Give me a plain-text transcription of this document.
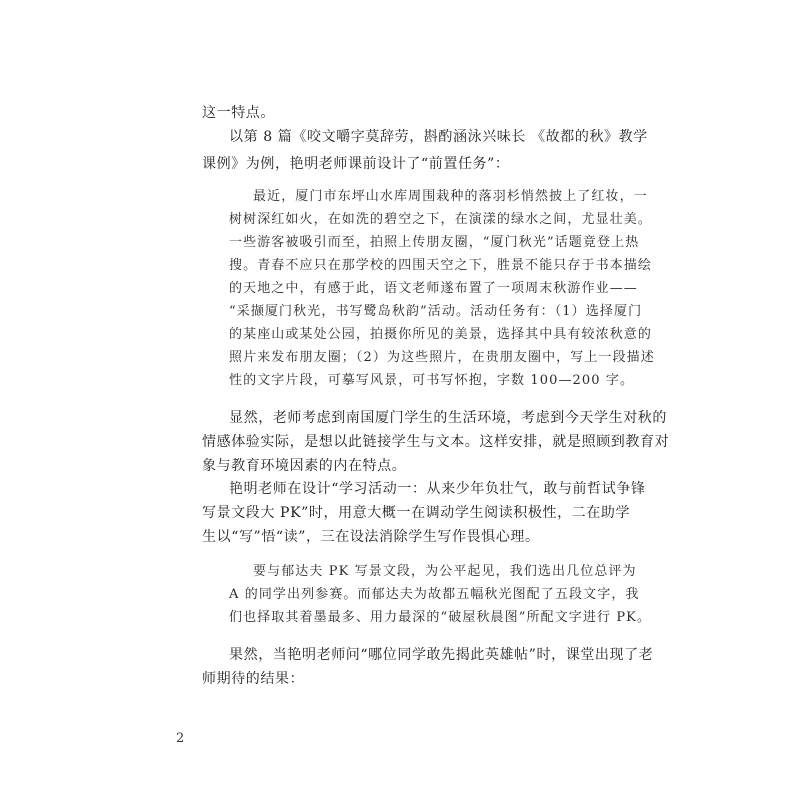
这一特点。
以第 8 篇《咬文嚼字莫辞劳，斟酌涵泳兴味长 《故都的秋》教学
课例》为例，艳明老师课前设计了“前置任务”：
最近，厦门市东坪山水库周围栽种的落羽杉悄然披上了红妆，一
树树深红如火，在如洗的碧空之下，在演漾的绿水之间，尤显壮美。
一些游客被吸引而至，拍照上传朋友圈，“厦门秋光”话题竟登上热
搜。青春不应只在那学校的四围天空之下，胜景不能只存于书本描绘
的天地之中，有感于此，语文老师遂布置了一项周末秋游作业——
“采撷厦门秋光，书写鹭岛秋韵”活动。活动任务有：（1）选择厦门
的某座山或某处公园，拍摄你所见的美景，选择其中具有较浓秋意的
照片来发布朋友圈；（2）为这些照片，在贵朋友圈中，写上一段描述
性的文字片段，可摹写风景，可书写怀抱，字数 100—200 字。
显然，老师考虑到南国厦门学生的生活环境，考虑到今天学生对秋的
情感体验实际，是想以此链接学生与文本。这样安排，就是照顾到教育对
象与教育环境因素的内在特点。
艳明老师在设计“学习活动一：从来少年负壮气，敢与前哲试争锋
写景文段大 PK”时，用意大概一在调动学生阅读积极性，二在助学
生以“写”悟“读”，三在设法消除学生写作畏惧心理。
要与郁达夫 PK 写景文段，为公平起见，我们选出几位总评为
A 的同学出列参赛。而郁达夫为故都五幅秋光图配了五段文字，我
们也择取其着墨最多、用力最深的“破屋秋晨图”所配文字进行 PK。
果然，当艳明老师问“哪位同学敢先揭此英雄帖”时，课堂出现了老
师期待的结果：
2
